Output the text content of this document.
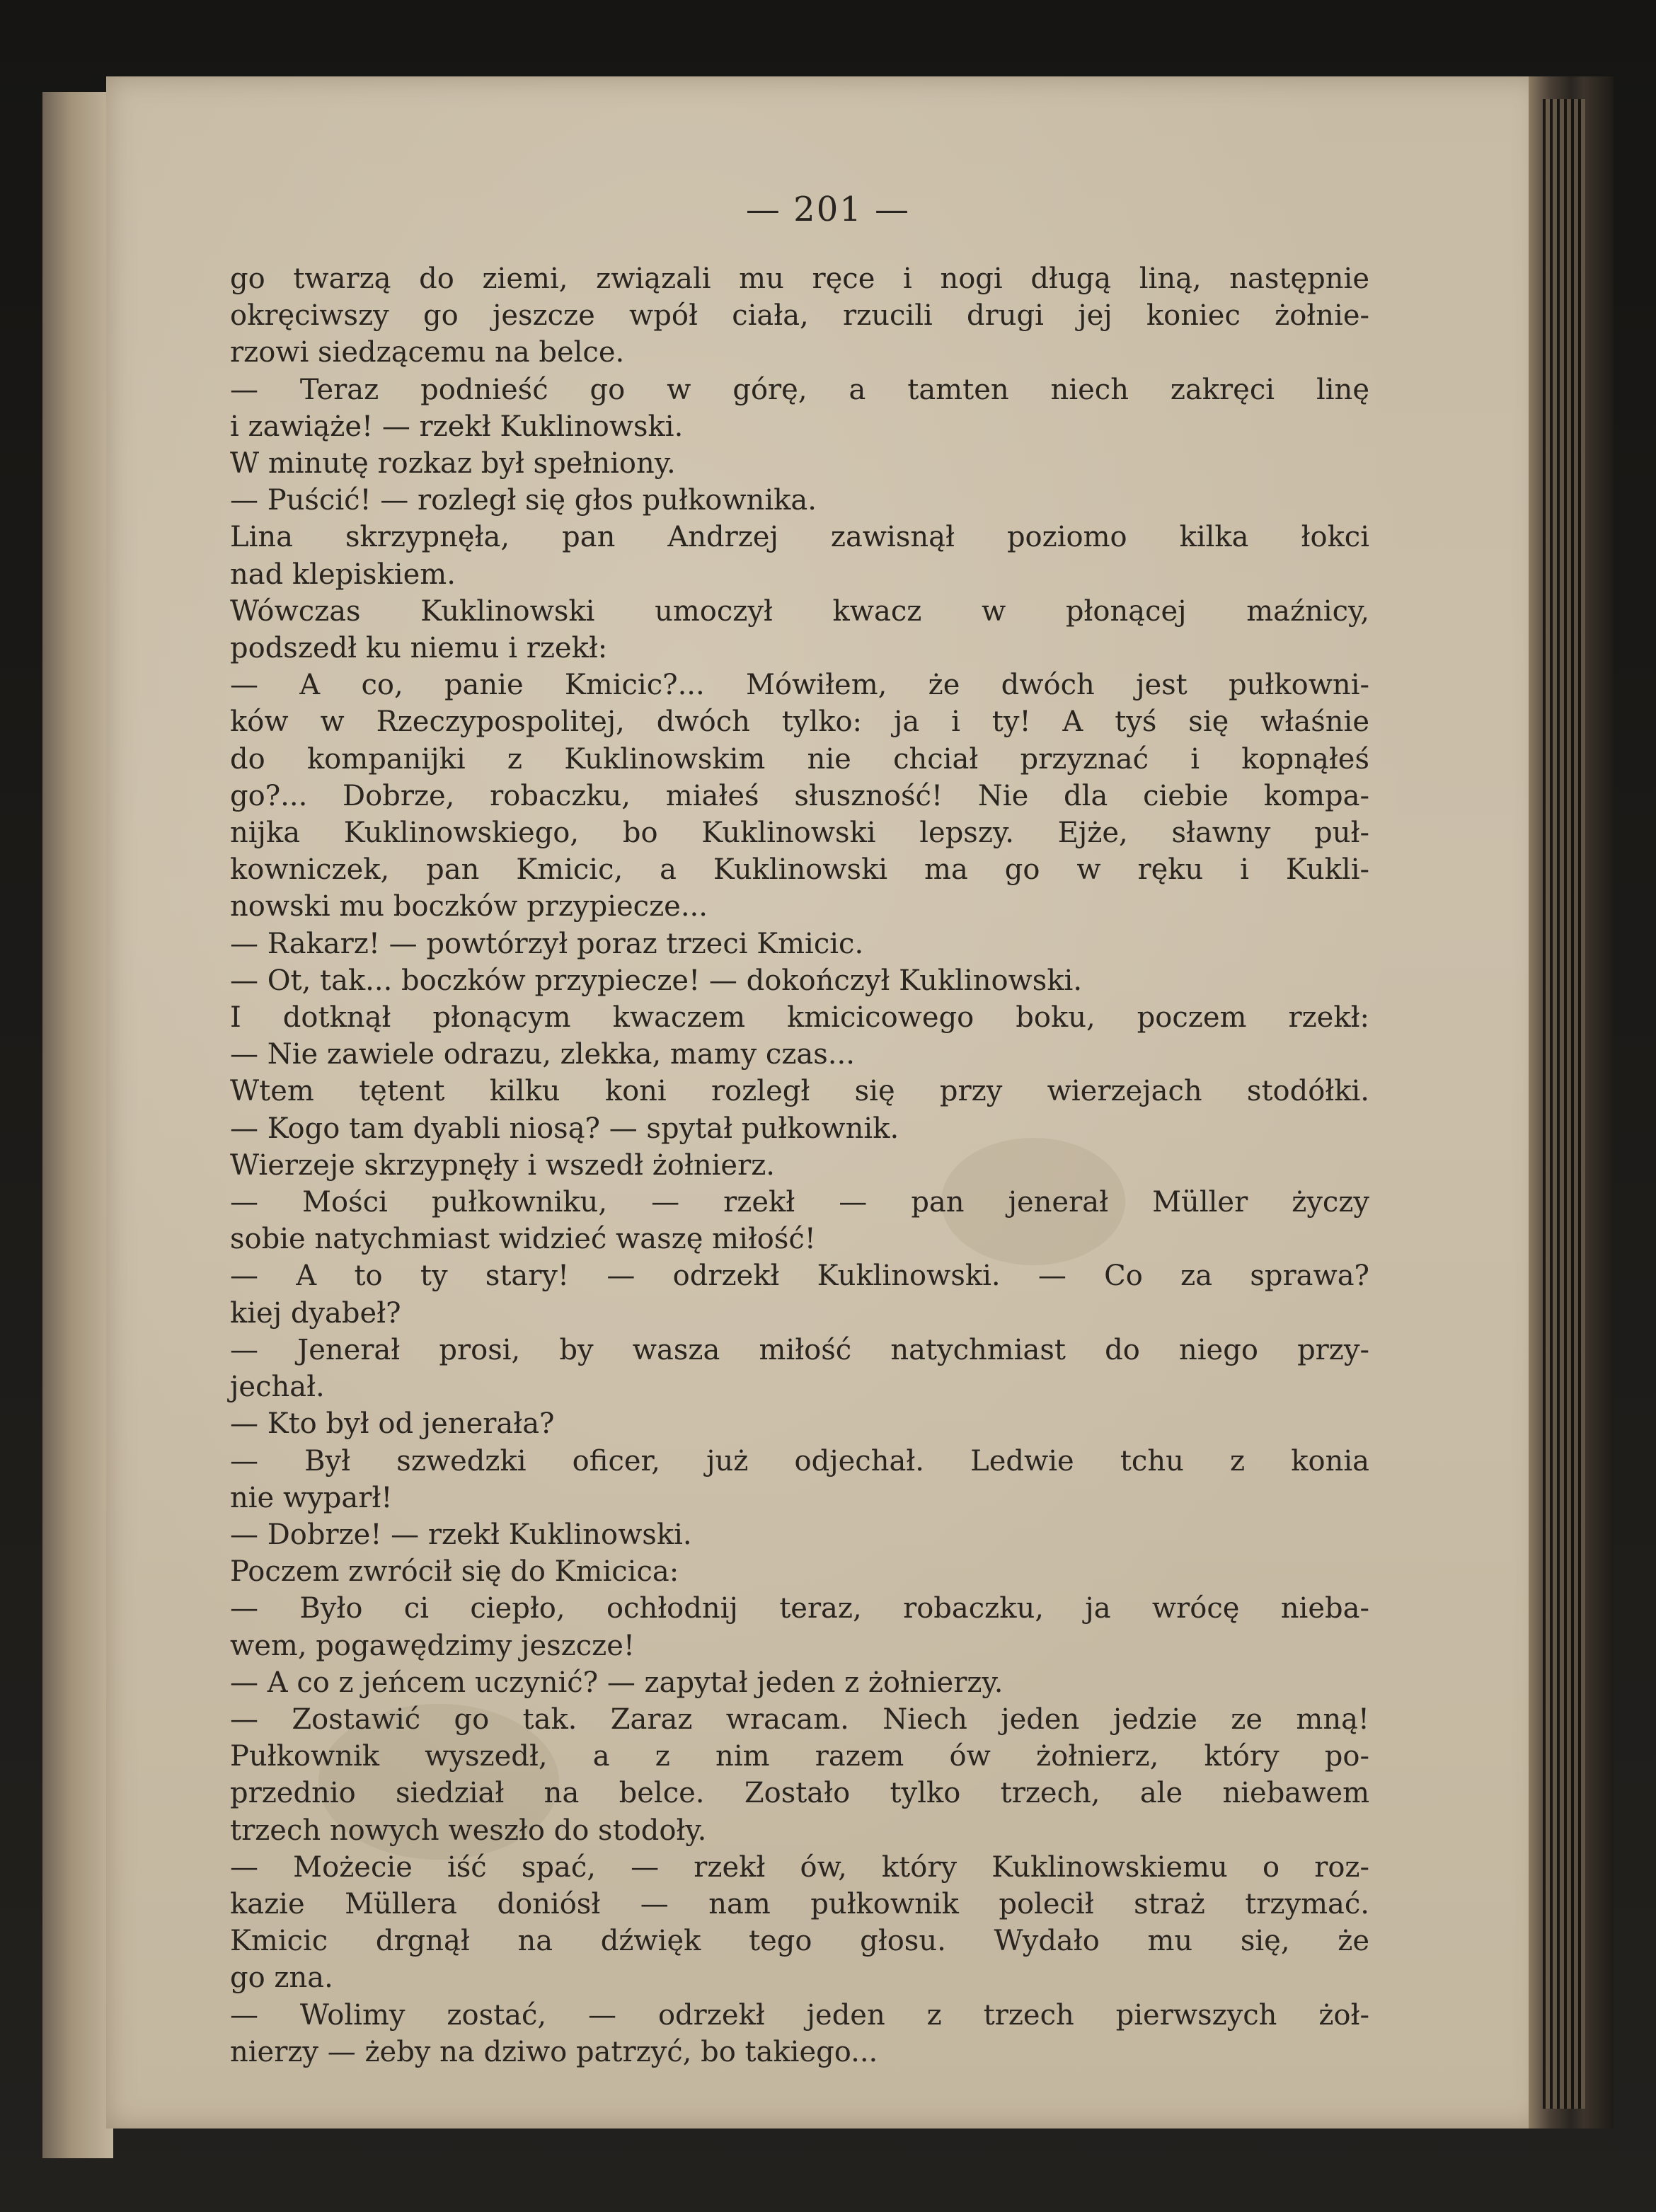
— 201 —
go twarzą do ziemi, związali mu ręce i nogi długą liną, następnie
okręciwszy go jeszcze wpół ciała, rzucili drugi jej koniec żołnie-
rzowi siedzącemu na belce.
— Teraz podnieść go w górę, a tamten niech zakręci linę
i zawiąże! — rzekł Kuklinowski.
W minutę rozkaz był spełniony.
— Puścić! — rozległ się głos pułkownika.
Lina skrzypnęła, pan Andrzej zawisnął poziomo kilka łokci
nad klepiskiem.
Wówczas Kuklinowski umoczył kwacz w płonącej maźnicy,
podszedł ku niemu i rzekł:
— A co, panie Kmicic?... Mówiłem, że dwóch jest pułkowni-
ków w Rzeczypospolitej, dwóch tylko: ja i ty! A tyś się właśnie
do kompanijki z Kuklinowskim nie chciał przyznać i kopnąłeś
go?... Dobrze, robaczku, miałeś słuszność! Nie dla ciebie kompa-
nijka Kuklinowskiego, bo Kuklinowski lepszy. Ejże, sławny puł-
kowniczek, pan Kmicic, a Kuklinowski ma go w ręku i Kukli-
nowski mu boczków przypiecze...
— Rakarz! — powtórzył poraz trzeci Kmicic.
— Ot, tak... boczków przypiecze! — dokończył Kuklinowski.
I dotknął płonącym kwaczem kmicicowego boku, poczem rzekł:
— Nie zawiele odrazu, zlekka, mamy czas...
Wtem tętent kilku koni rozległ się przy wierzejach stodółki.
— Kogo tam dyabli niosą? — spytał pułkownik.
Wierzeje skrzypnęły i wszedł żołnierz.
— Mości pułkowniku, — rzekł — pan jenerał Müller życzy
sobie natychmiast widzieć waszę miłość!
— A to ty stary! — odrzekł Kuklinowski. — Co za sprawa?
kiej dyabeł?
— Jenerał prosi, by wasza miłość natychmiast do niego przy-
jechał.
— Kto był od jenerała?
— Był szwedzki oficer, już odjechał. Ledwie tchu z konia
nie wyparł!
— Dobrze! — rzekł Kuklinowski.
Poczem zwrócił się do Kmicica:
— Było ci ciepło, ochłodnij teraz, robaczku, ja wrócę nieba-
wem, pogawędzimy jeszcze!
— A co z jeńcem uczynić? — zapytał jeden z żołnierzy.
— Zostawić go tak. Zaraz wracam. Niech jeden jedzie ze mną!
Pułkownik wyszedł, a z nim razem ów żołnierz, który po-
przednio siedział na belce. Zostało tylko trzech, ale niebawem
trzech nowych weszło do stodoły.
— Możecie iść spać, — rzekł ów, który Kuklinowskiemu o roz-
kazie Müllera doniósł — nam pułkownik polecił straż trzymać.
Kmicic drgnął na dźwięk tego głosu. Wydało mu się, że
go zna.
— Wolimy zostać, — odrzekł jeden z trzech pierwszych żoł-
nierzy — żeby na dziwo patrzyć, bo takiego...
